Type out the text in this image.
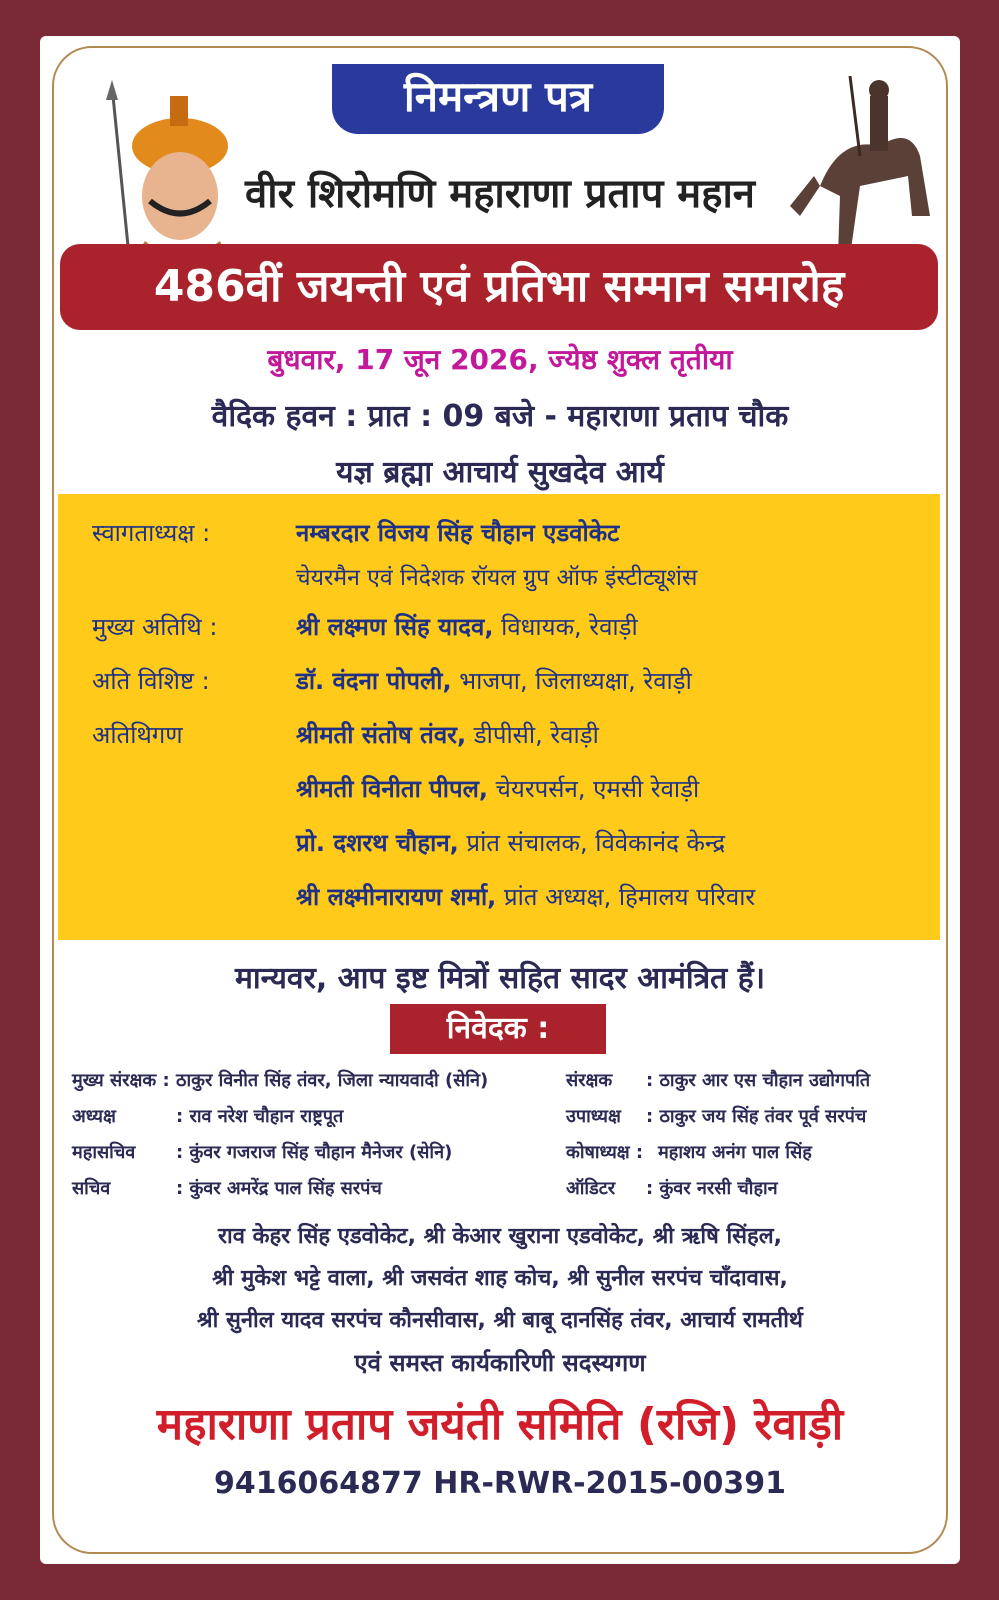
निमन्त्रण पत्र
वीर शिरोमणि महाराणा प्रताप महान
486वीं जयन्ती एवं प्रतिभा सम्मान समारोह
बुधवार, 17 जून 2026, ज्येष्ठ शुक्ल तृतीया
वैदिक हवन : प्रात : 09 बजे - महाराणा प्रताप चौक
यज्ञ ब्रह्मा आचार्य सुखदेव आर्य
स्वागताध्यक्ष :	नम्बरदार विजय सिंह चौहान एडवोकेट
चेयरमैन एवं निदेशक रॉयल ग्रुप ऑफ इंस्टीट्यूशंस
मुख्य अतिथि :	श्री लक्ष्मण सिंह यादव, विधायक, रेवाड़ी
अति विशिष्ट :	डॉ. वंदना पोपली, भाजपा, जिलाध्यक्षा, रेवाड़ी
अतिथिगण	श्रीमती संतोष तंवर, डीपीसी, रेवाड़ी
श्रीमती विनीता पीपल, चेयरपर्सन, एमसी रेवाड़ी
प्रो. दशरथ चौहान, प्रांत संचालक, विवेकानंद केन्द्र
श्री लक्ष्मीनारायण शर्मा, प्रांत अध्यक्ष, हिमालय परिवार
मान्यवर, आप इष्ट मित्रों सहित सादर आमंत्रित हैं।
निवेदक :
मुख्य संरक्षक : ठाकुर विनीत सिंह तंवर, जिला न्यायवादी (सेनि)	संरक्षक : ठाकुर आर एस चौहान उद्योगपति
अध्यक्ष	: राव नरेश चौहान राष्ट्रपूत	उपाध्यक्ष : ठाकुर जय सिंह तंवर पूर्व सरपंच
महासचिव : कुंवर गजराज सिंह चौहान मैनेजर (सेनि)	कोषाध्यक्ष : महाशय अनंग पाल सिंह
सचिव	: कुंवर अमरेंद्र पाल सिंह सरपंच	ऑडिटर : कुंवर नरसी चौहान
राव केहर सिंह एडवोकेट, श्री केआर खुराना एडवोकेट, श्री ऋषि सिंहल,
श्री मुकेश भट्टे वाला, श्री जसवंत शाह कोच, श्री सुनील सरपंच चाँदावास,
श्री सुनील यादव सरपंच कौनसीवास, श्री बाबू दानसिंह तंवर, आचार्य रामतीर्थ
एवं समस्त कार्यकारिणी सदस्यगण
महाराणा प्रताप जयंती समिति (रजि) रेवाड़ी
9416064877 HR-RWR-2015-00391
